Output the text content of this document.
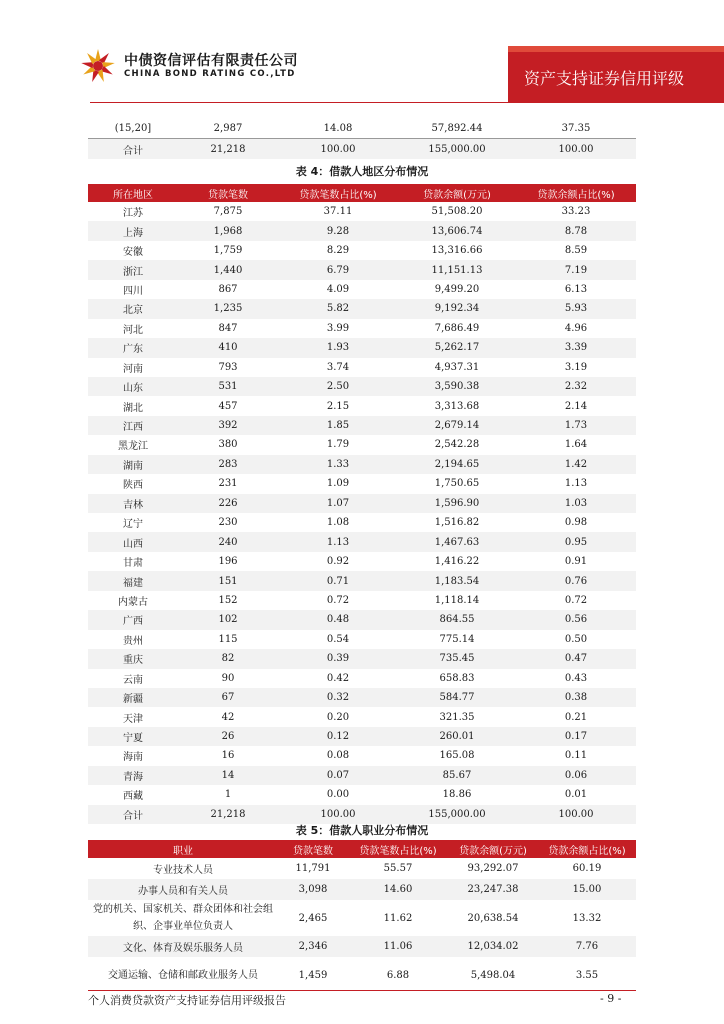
中债资信评估有限责任公司
CHINA BOND RATING CO.,LTD	资产支持证券信用评级
(15,20]	2,987	14.08	57,892.44	37.35
合计	21,218	100.00	155,000.00	100.00
表 4：借款人地区分布情况
所在地区	贷款笔数	贷款笔数占比(%)	贷款余额(万元)	贷款余额占比(%)
江苏	7,875	37.11	51,508.20	33.23
上海	1,968	9.28	13,606.74	8.78
安徽	1,759	8.29	13,316.66	8.59
浙江	1,440	6.79	11,151.13	7.19
四川	867	4.09	9,499.20	6.13
北京	1,235	5.82	9,192.34	5.93
河北	847	3.99	7,686.49	4.96
广东	410	1.93	5,262.17	3.39
河南	793	3.74	4,937.31	3.19
山东	531	2.50	3,590.38	2.32
湖北	457	2.15	3,313.68	2.14
江西	392	1.85	2,679.14	1.73
黑龙江	380	1.79	2,542.28	1.64
湖南	283	1.33	2,194.65	1.42
陕西	231	1.09	1,750.65	1.13
吉林	226	1.07	1,596.90	1.03
辽宁	230	1.08	1,516.82	0.98
山西	240	1.13	1,467.63	0.95
甘肃	196	0.92	1,416.22	0.91
福建	151	0.71	1,183.54	0.76
内蒙古	152	0.72	1,118.14	0.72
广西	102	0.48	864.55	0.56
贵州	115	0.54	775.14	0.50
重庆	82	0.39	735.45	0.47
云南	90	0.42	658.83	0.43
新疆	67	0.32	584.77	0.38
天津	42	0.20	321.35	0.21
宁夏	26	0.12	260.01	0.17
海南	16	0.08	165.08	0.11
青海	14	0.07	85.67	0.06
西藏	1	0.00	18.86	0.01
合计	21,218	100.00	155,000.00	100.00
表 5：借款人职业分布情况
职业	贷款笔数	贷款笔数占比(%)	贷款余额(万元)	贷款余额占比(%)
专业技术人员	11,791	55.57	93,292.07	60.19
办事人员和有关人员	3,098	14.60	23,247.38	15.00
党的机关、国家机关、群众团体和社会组织、企事业单位负责人	2,465	11.62	20,638.54	13.32
文化、体育及娱乐服务人员	2,346	11.06	12,034.02	7.76
交通运输、仓储和邮政业服务人员	1,459	6.88	5,498.04	3.55
个人消费贷款资产支持证券信用评级报告	- 9 -
